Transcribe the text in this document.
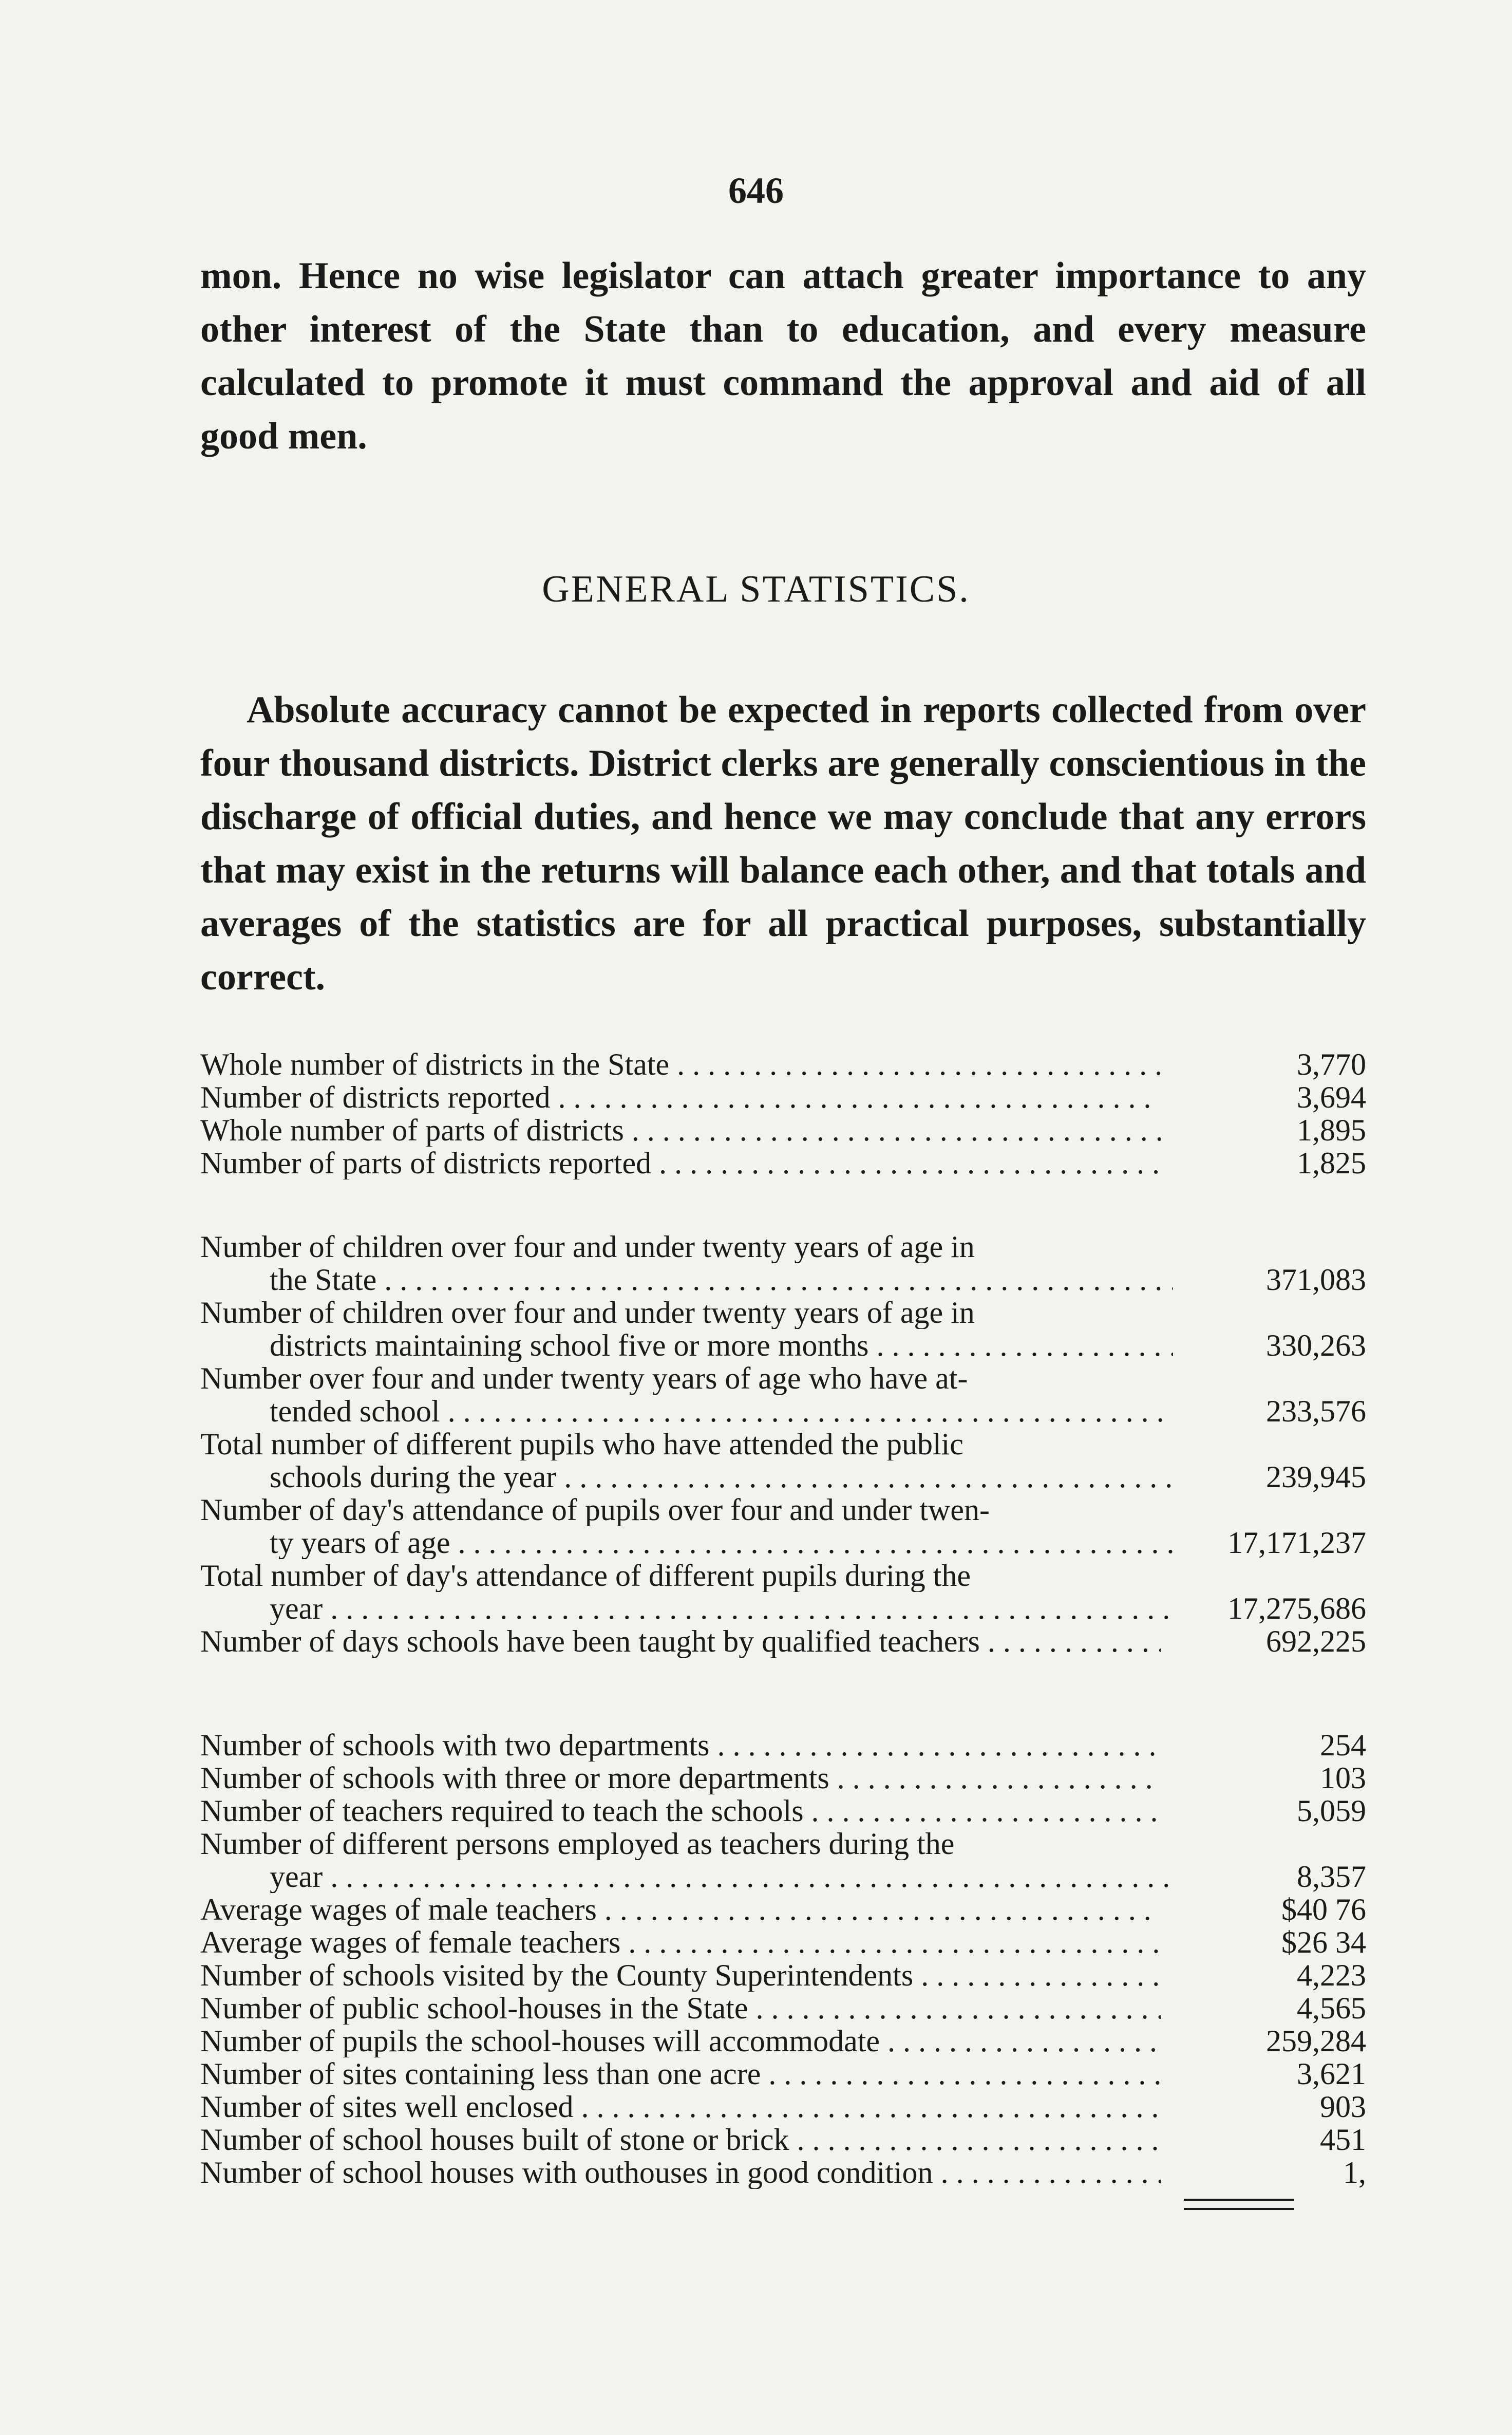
646
mon. Hence no wise legislator can attach greater importance to any other interest of the State than to education, and every measure calculated to promote it must command the approval and aid of all good men.
GENERAL STATISTICS.
Absolute accuracy cannot be expected in reports collected from over four thousand districts. District clerks are generally conscientious in the discharge of official duties, and hence we may conclude that any errors that may exist in the returns will balance each other, and that totals and averages of the statistics are for all practical purposes, substantially correct.
Whole number of districts in the State . . .	3,770
Number of districts reported . . .	3,694
Whole number of parts of districts . . .	1,895
Number of parts of districts reported . . .	1,825
Number of children over four and under twenty years of age in
the State . . .	371,083
Number of children over four and under twenty years of age in
districts maintaining school five or more months . . .	330,263
Number over four and under twenty years of age who have at-
tended school . . .	233,576
Total number of different pupils who have attended the public
schools during the year . . .	239,945
Number of day's attendance of pupils over four and under twen-
ty years of age . . .	17,171,237
Total number of day's attendance of different pupils during the
year . . .	17,275,686
Number of days schools have been taught by qualified teachers . . .	692,225
Number of schools with two departments . . .	254
Number of schools with three or more departments . . .	103
Number of teachers required to teach the schools . . .	5,059
Number of different persons employed as teachers during the
year . . .	8,357
Average wages of male teachers . . .	$40 76
Average wages of female teachers . . .	$26 34
Number of schools visited by the County Superintendents . . .	4,223
Number of public school-houses in the State . . .	4,565
Number of pupils the school-houses will accommodate . . .	259,284
Number of sites containing less than one acre . . .	3,621
Number of sites well enclosed . . .	903
Number of school houses built of stone or brick . . .	451
Number of school houses with outhouses in good condition . . .	1,
